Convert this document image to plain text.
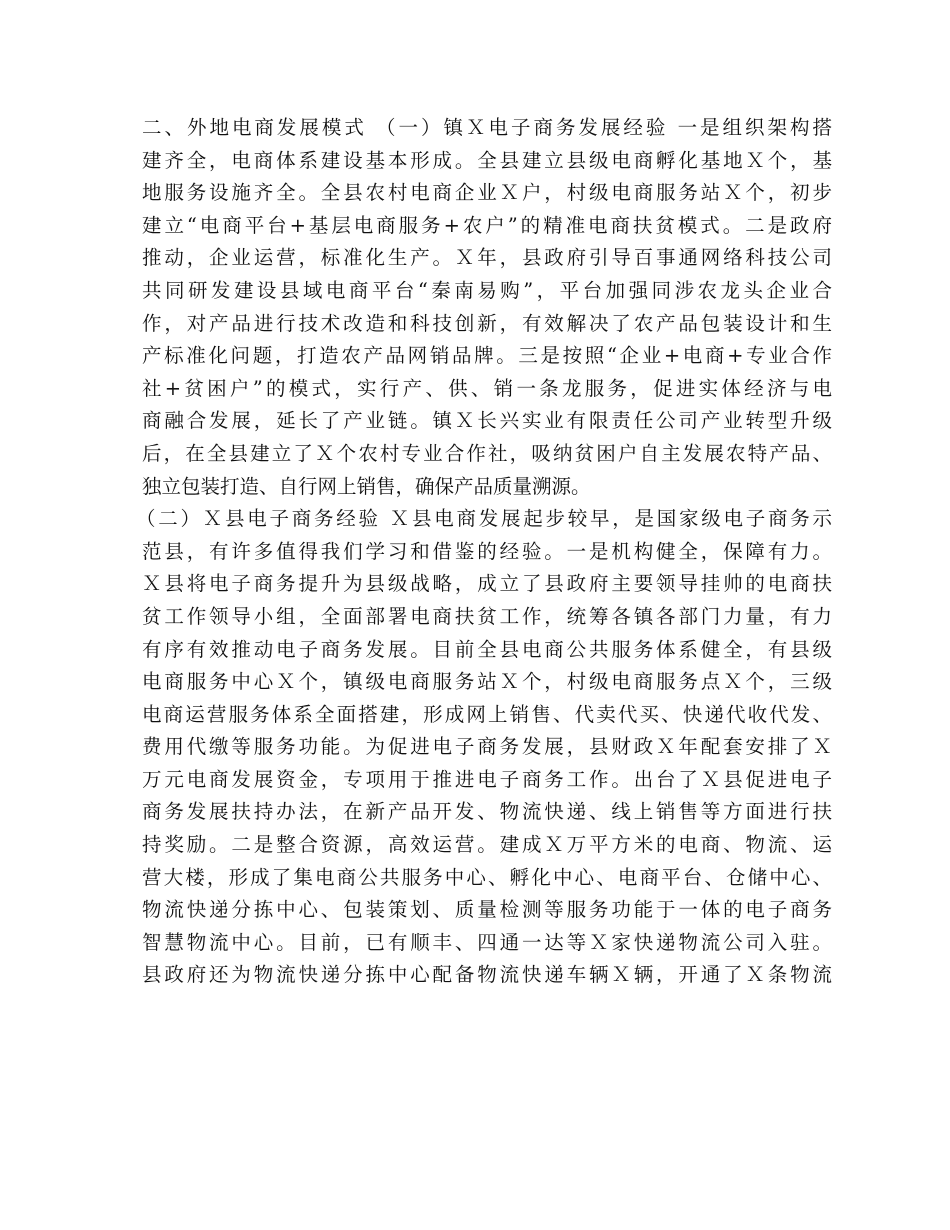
二、外地电商发展模式 （一）镇Ｘ电子商务发展经验 一是组织架构搭
建齐全，电商体系建设基本形成。全县建立县级电商孵化基地Ｘ个，基
地服务设施齐全。全县农村电商企业Ｘ户，村级电商服务站Ｘ个，初步
建立“电商平台+基层电商服务+农户”的精准电商扶贫模式。二是政府
推动，企业运营，标准化生产。Ｘ年，县政府引导百事通网络科技公司
共同研发建设县域电商平台“秦南易购”，平台加强同涉农龙头企业合
作，对产品进行技术改造和科技创新，有效解决了农产品包装设计和生
产标准化问题，打造农产品网销品牌。三是按照“企业+电商+专业合作
社+贫困户”的模式，实行产、供、销一条龙服务，促进实体经济与电
商融合发展，延长了产业链。镇Ｘ长兴实业有限责任公司产业转型升级
后，在全县建立了Ｘ个农村专业合作社，吸纳贫困户自主发展农特产品、
独立包装打造、自行网上销售，确保产品质量溯源。
（二）Ｘ县电子商务经验 Ｘ县电商发展起步较早，是国家级电子商务示
范县，有许多值得我们学习和借鉴的经验。一是机构健全，保障有力。
Ｘ县将电子商务提升为县级战略，成立了县政府主要领导挂帅的电商扶
贫工作领导小组，全面部署电商扶贫工作，统筹各镇各部门力量，有力
有序有效推动电子商务发展。目前全县电商公共服务体系健全，有县级
电商服务中心Ｘ个，镇级电商服务站Ｘ个，村级电商服务点Ｘ个，三级
电商运营服务体系全面搭建，形成网上销售、代卖代买、快递代收代发、
费用代缴等服务功能。为促进电子商务发展，县财政Ｘ年配套安排了Ｘ
万元电商发展资金，专项用于推进电子商务工作。出台了Ｘ县促进电子
商务发展扶持办法，在新产品开发、物流快递、线上销售等方面进行扶
持奖励。二是整合资源，高效运营。建成Ｘ万平方米的电商、物流、运
营大楼，形成了集电商公共服务中心、孵化中心、电商平台、仓储中心、
物流快递分拣中心、包装策划、质量检测等服务功能于一体的电子商务
智慧物流中心。目前，已有顺丰、四通一达等Ｘ家快递物流公司入驻。
县政府还为物流快递分拣中心配备物流快递车辆Ｘ辆，开通了Ｘ条物流
